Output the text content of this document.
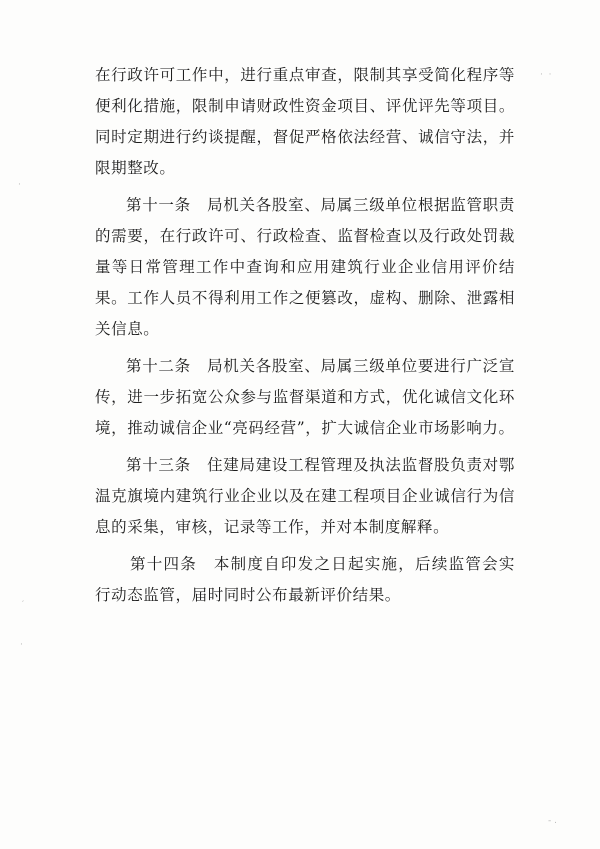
在行政许可工作中，进行重点审查，限制其享受简化程序等便利化措施，限制申请财政性资金项目、评优评先等项目。同时定期进行约谈提醒，督促严格依法经营、诚信守法，并限期整改。

第十一条　局机关各股室、局属三级单位根据监管职责的需要，在行政许可、行政检查、监督检查以及行政处罚裁量等日常管理工作中查询和应用建筑行业企业信用评价结果。工作人员不得利用工作之便篡改，虚构、删除、泄露相关信息。

第十二条　局机关各股室、局属三级单位要进行广泛宣传，进一步拓宽公众参与监督渠道和方式，优化诚信文化环境，推动诚信企业“亮码经营”，扩大诚信企业市场影响力。

第十三条　住建局建设工程管理及执法监督股负责对鄂温克旗境内建筑行业企业以及在建工程项目企业诚信行为信息的采集，审核，记录等工作，并对本制度解释。

第十四条　本制度自印发之日起实施，后续监管会实行动态监管，届时同时公布最新评价结果。

·  ·
·
′
·
- .
